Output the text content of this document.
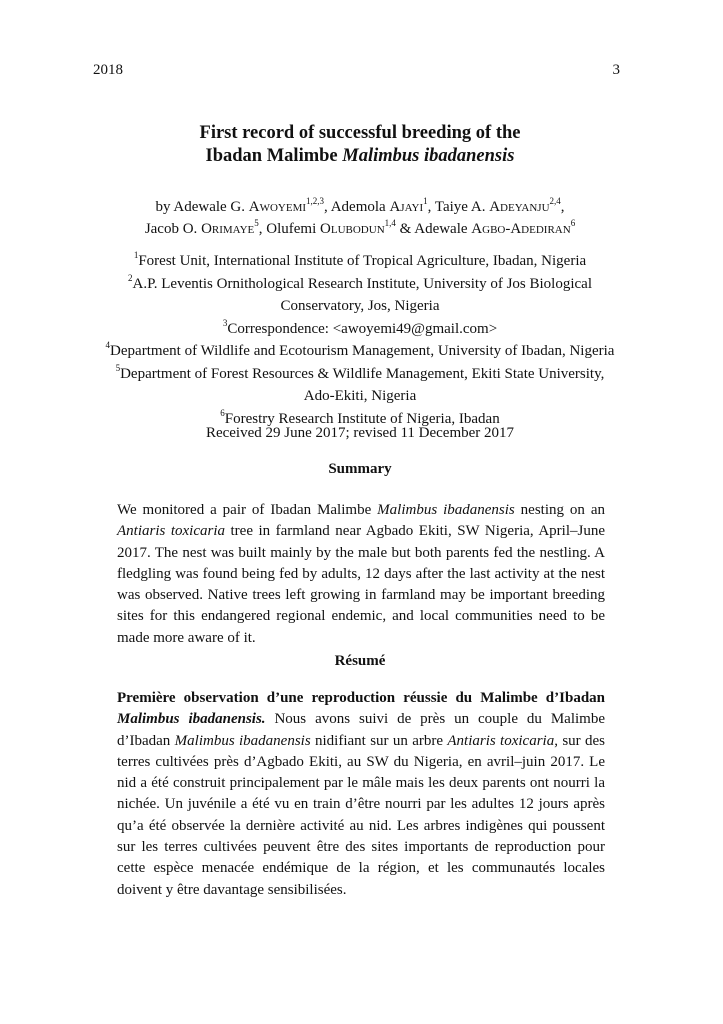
2018	3
First record of successful breeding of the
Ibadan Malimbe Malimbus ibadanensis
by Adewale G. Awoyemi$^{1,2,3}$, Ademola Ajayi$^1$, Taiye A. Adeyanju$^{2,4}$,
Jacob O. Orimaye$^5$, Olufemi Olubodun$^{1,4}$ & Adewale Agbo-Adediran$^6$
$^1$Forest Unit, International Institute of Tropical Agriculture, Ibadan, Nigeria
$^2$A.P. Leventis Ornithological Research Institute, University of Jos Biological
Conservatory, Jos, Nigeria
$^3$Correspondence: <awoyemi49@gmail.com>
$^4$Department of Wildlife and Ecotourism Management, University of Ibadan, Nigeria
$^5$Department of Forest Resources & Wildlife Management, Ekiti State University,
Ado-Ekiti, Nigeria
$^6$Forestry Research Institute of Nigeria, Ibadan
Received 29 June 2017; revised 11 December 2017
Summary

We monitored a pair of Ibadan Malimbe Malimbus ibadanensis nesting on an Antiaris toxicaria tree in farmland near Agbado Ekiti, SW Nigeria, April–June 2017. The nest was built mainly by the male but both parents fed the nestling. A fledgling was found being fed by adults, 12 days after the last activity at the nest was observed. Native trees left growing in farmland may be important breeding sites for this endangered regional endemic, and local communities need to be made more aware of it.

Résumé

Première observation d’une reproduction réussie du Malimbe d’Ibadan Malimbus ibadanensis. Nous avons suivi de près un couple du Malimbe d’Ibadan Malimbus ibadanensis nidifiant sur un arbre Antiaris toxicaria, sur des terres cultivées près d’Agbado Ekiti, au SW du Nigeria, en avril–juin 2017. Le nid a été construit principalement par le mâle mais les deux parents ont nourri la nichée. Un juvénile a été vu en train d’être nourri par les adultes 12 jours après qu’a été observée la dernière activité au nid. Les arbres indigènes qui poussent sur les terres cultivées peuvent être des sites importants de reproduction pour cette espèce menacée endémique de la région, et les communautés locales doivent y être davantage sensibilisées.
